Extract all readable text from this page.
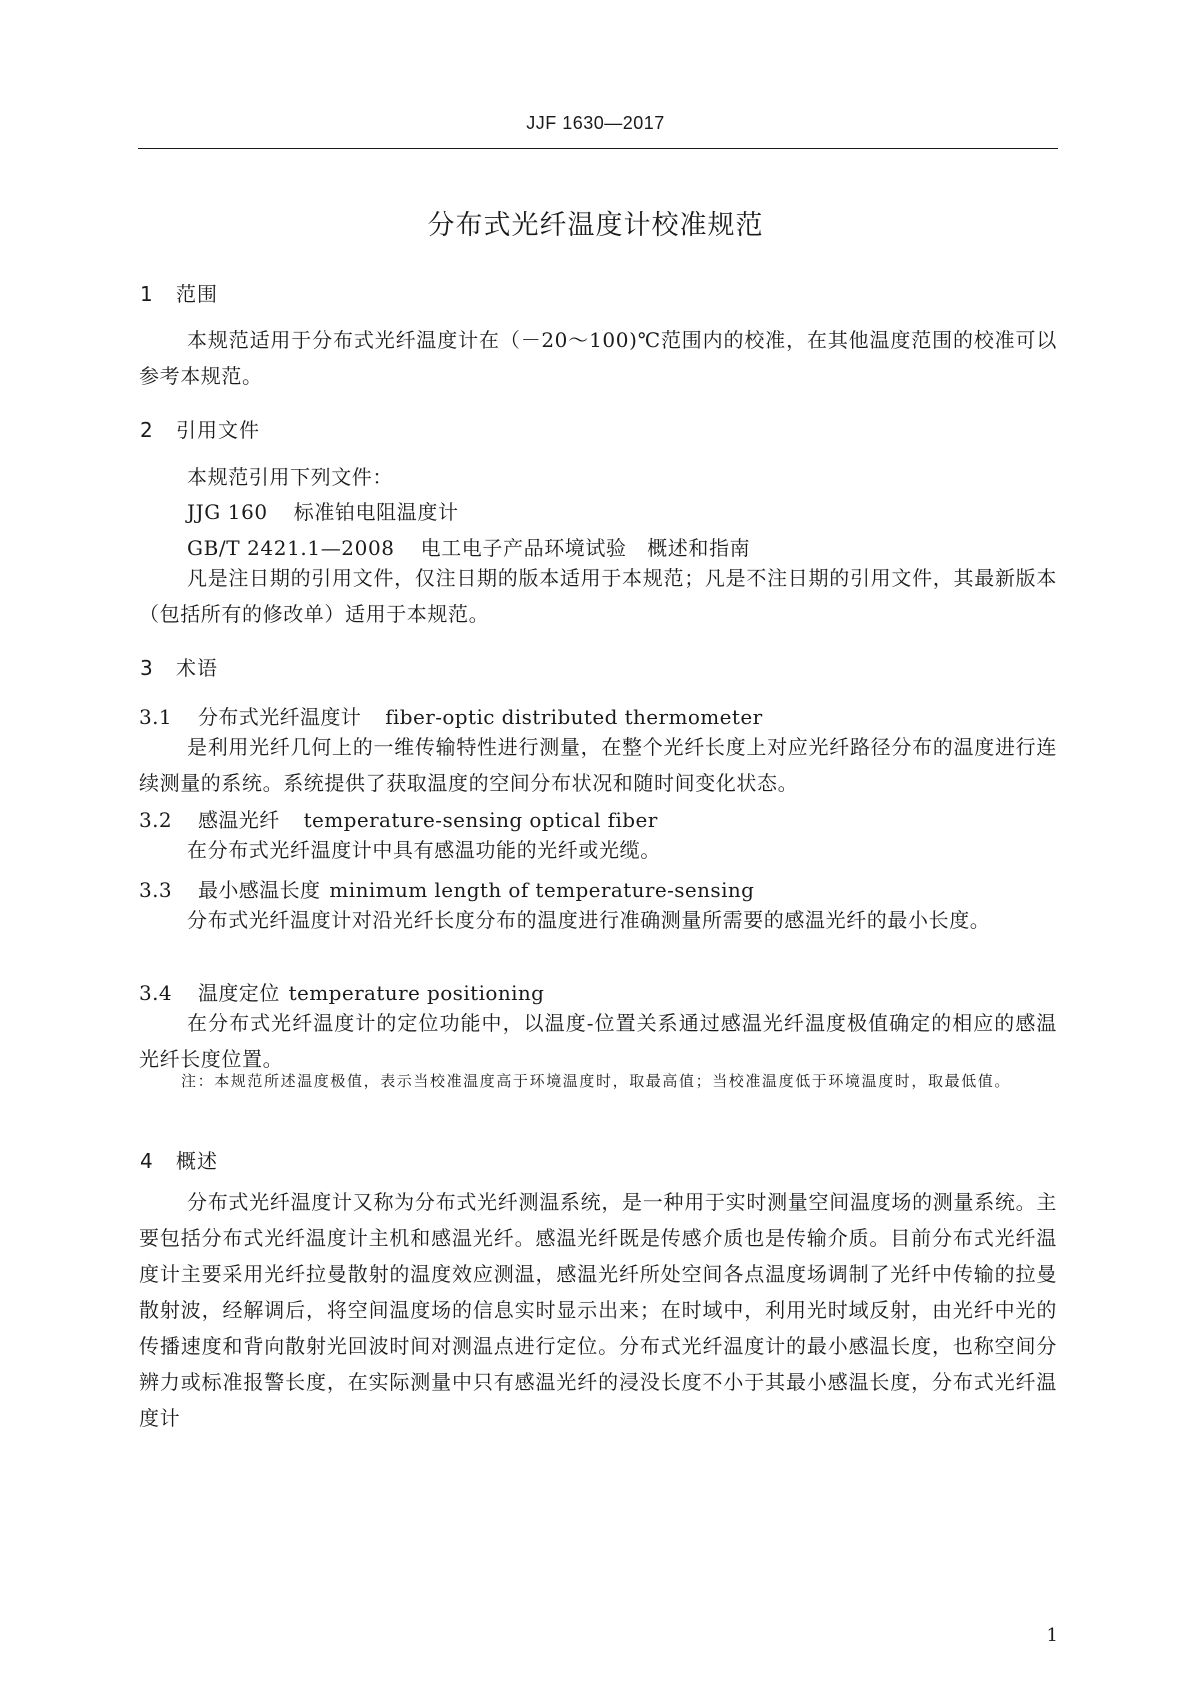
JJF 1630—2017
分布式光纤温度计校准规范
1 范围
本规范适用于分布式光纤温度计在（－20～100)℃范围内的校准，在其他温度范围的校准可以参考本规范。
2 引用文件
本规范引用下列文件：
JJG 160 标准铂电阻温度计
GB/T 2421.1—2008 电工电子产品环境试验　概述和指南
凡是注日期的引用文件，仅注日期的版本适用于本规范；凡是不注日期的引用文件，其最新版本（包括所有的修改单）适用于本规范。
3 术语
3.1 分布式光纤温度计 fiber-optic distributed thermometer
是利用光纤几何上的一维传输特性进行测量，在整个光纤长度上对应光纤路径分布的温度进行连续测量的系统。系统提供了获取温度的空间分布状况和随时间变化状态。
3.2 感温光纤 temperature-sensing optical fiber
在分布式光纤温度计中具有感温功能的光纤或光缆。
3.3 最小感温长度 minimum length of temperature-sensing
分布式光纤温度计对沿光纤长度分布的温度进行准确测量所需要的感温光纤的最小长度。
3.4 温度定位 temperature positioning
在分布式光纤温度计的定位功能中，以温度-位置关系通过感温光纤温度极值确定的相应的感温光纤长度位置。
注：本规范所述温度极值，表示当校准温度高于环境温度时，取最高值；当校准温度低于环境温度时，取最低值。
4 概述
分布式光纤温度计又称为分布式光纤测温系统，是一种用于实时测量空间温度场的测量系统。主要包括分布式光纤温度计主机和感温光纤。感温光纤既是传感介质也是传输介质。目前分布式光纤温度计主要采用光纤拉曼散射的温度效应测温，感温光纤所处空间各点温度场调制了光纤中传输的拉曼散射波，经解调后，将空间温度场的信息实时显示出来；在时域中，利用光时域反射，由光纤中光的传播速度和背向散射光回波时间对测温点进行定位。分布式光纤温度计的最小感温长度，也称空间分辨力或标准报警长度，在实际测量中只有感温光纤的浸没长度不小于其最小感温长度，分布式光纤温度计
1
